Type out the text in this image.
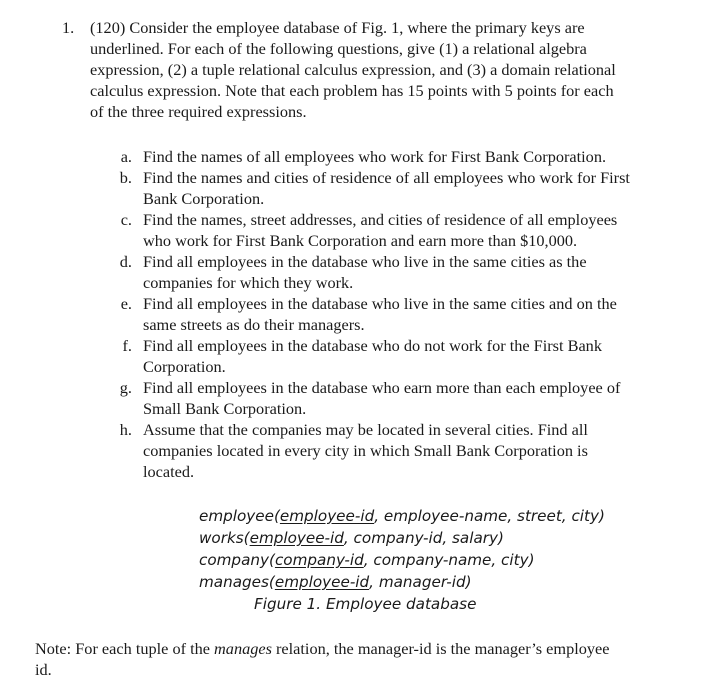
1. (120) Consider the employee database of Fig. 1, where the primary keys are
underlined. For each of the following questions, give (1) a relational algebra
expression, (2) a tuple relational calculus expression, and (3) a domain relational
calculus expression. Note that each problem has 15 points with 5 points for each
of the three required expressions.
a. Find the names of all employees who work for First Bank Corporation.
b. Find the names and cities of residence of all employees who work for First
Bank Corporation.
c. Find the names, street addresses, and cities of residence of all employees
who work for First Bank Corporation and earn more than $10,000.
d. Find all employees in the database who live in the same cities as the
companies for which they work.
e. Find all employees in the database who live in the same cities and on the
same streets as do their managers.
f. Find all employees in the database who do not work for the First Bank
Corporation.
g. Find all employees in the database who earn more than each employee of
Small Bank Corporation.
h. Assume that the companies may be located in several cities. Find all
companies located in every city in which Small Bank Corporation is
located.
employee(employee-id, employee-name, street, city)
works(employee-id, company-id, salary)
company(company-id, company-name, city)
manages(employee-id, manager-id)
Figure 1. Employee database
Note: For each tuple of the manages relation, the manager-id is the manager’s employee
id.
